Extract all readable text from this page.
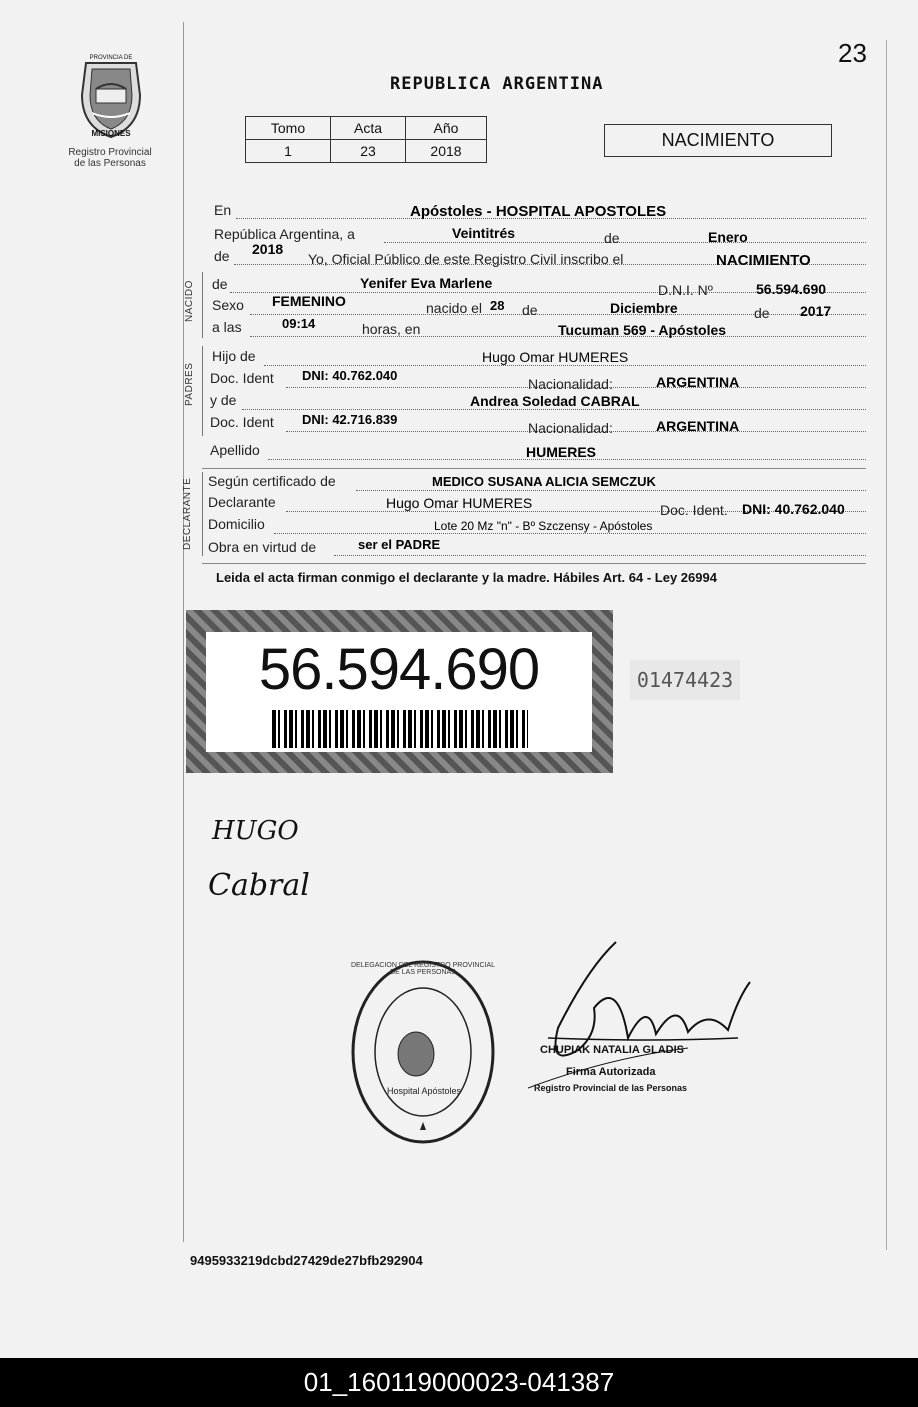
23
PROVINCIA DE
MISIONES
Registro Provincial
de las Personas
REPUBLICA ARGENTINA
Tomo	Acta	Año
1	23	2018
NACIMIENTO
En	Apóstoles - HOSPITAL APOSTOLES
República Argentina, a	Veintitrés	de	Enero
de 2018
Yo, Oficial Público de este Registro Civil inscribo el	NACIMIENTO
NACIDO de	Yenifer Eva Marlene	D.N.I. Nº	56.594.690
Sexo FEMENINO	nacido el 28 de	Diciembre	de 2017
a las	09:14	horas, en	Tucuman 569 - Apóstoles
PADRES
Hijo de	Hugo Omar HUMERES
Doc. Ident DNI: 40.762.040
Nacionalidad:	ARGENTINA
y de	Andrea Soledad CABRAL
Doc. Ident DNI: 42.716.839
Nacionalidad:	ARGENTINA
Apellido	HUMERES
DECLARANTE Según certificado de	MEDICO SUSANA ALICIA SEMCZUK
Declarante	Hugo Omar HUMERES	Doc. Ident. DNI: 40.762.040
Domicilio	Lote 20 Mz "n" - Bº Szczensy - Apóstoles
Obra en virtud de	ser el PADRE
Leida el acta firman conmigo el declarante y la madre. Hábiles Art. 64 - Ley 26994
56.594.690	01474423
HUGO
Cabral
DELEGACION DEL REGISTRO PROVINCIAL DE LAS PERSONAS
Hospital Apóstoles
CHUPIAK NATALIA GLADIS
Firma Autorizada
Registro Provincial de las Personas
9495933219dcbd27429de27bfb292904
01_160119000023-041387
